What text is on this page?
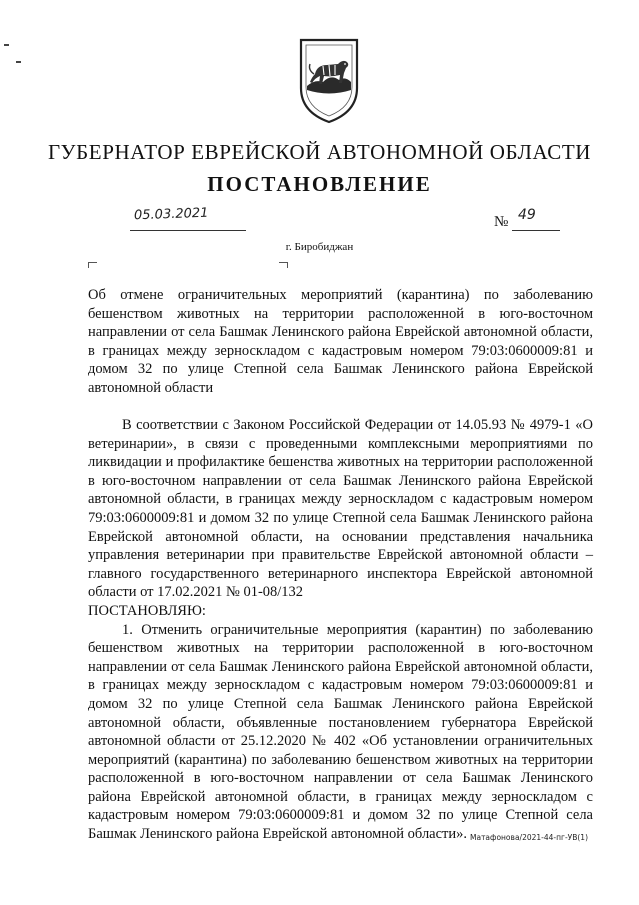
ГУБЕРНАТОР ЕВРЕЙСКОЙ АВТОНОМНОЙ ОБЛАСТИ
ПОСТАНОВЛЕНИЕ
05.03.2021	№ 49
г. Биробиджан
Об отмене ограничительных мероприятий (карантина) по заболеванию бешенством животных на территории расположенной в юго-восточном направлении от села Башмак Ленинского района Еврейской автономной области, в границах между зерноскладом с кадастровым номером 79:03:0600009:81 и домом 32 по улице Степной села Башмак Ленинского района Еврейской автономной области

В соответствии с Законом Российской Федерации от 14.05.93 № 4979-1 «О ветеринарии», в связи с проведенными комплексными мероприятиями по ликвидации и профилактике бешенства животных на территории расположенной в юго-восточном направлении от села Башмак Ленинского района Еврейской автономной области, в границах между зерноскладом с кадастровым номером 79:03:0600009:81 и домом 32 по улице Степной села Башмак Ленинского района Еврейской автономной области, на основании представления начальника управления ветеринарии при правительстве Еврейской автономной области – главного государственного ветеринарного инспектора Еврейской автономной области от 17.02.2021 № 01-08/132

ПОСТАНОВЛЯЮ:

1. Отменить ограничительные мероприятия (карантин) по заболеванию бешенством животных на территории расположенной в юго-восточном направлении от села Башмак Ленинского района Еврейской автономной области, в границах между зерноскладом с кадастровым номером 79:03:0600009:81 и домом 32 по улице Степной села Башмак Ленинского района Еврейской автономной области, объявленные постановлением губернатора Еврейской автономной области от 25.12.2020 № 402 «Об установлении ограничительных мероприятий (карантина) по заболеванию бешенством животных на территории расположенной в юго-восточном направлении от села Башмак Ленинского района Еврейской автономной области, в границах между зерноскладом с кадастровым номером 79:03:0600009:81 и домом 32 по улице Степной села Башмак Ленинского района Еврейской автономной области». Матафонова/2021-44-пг-УВ(1)
